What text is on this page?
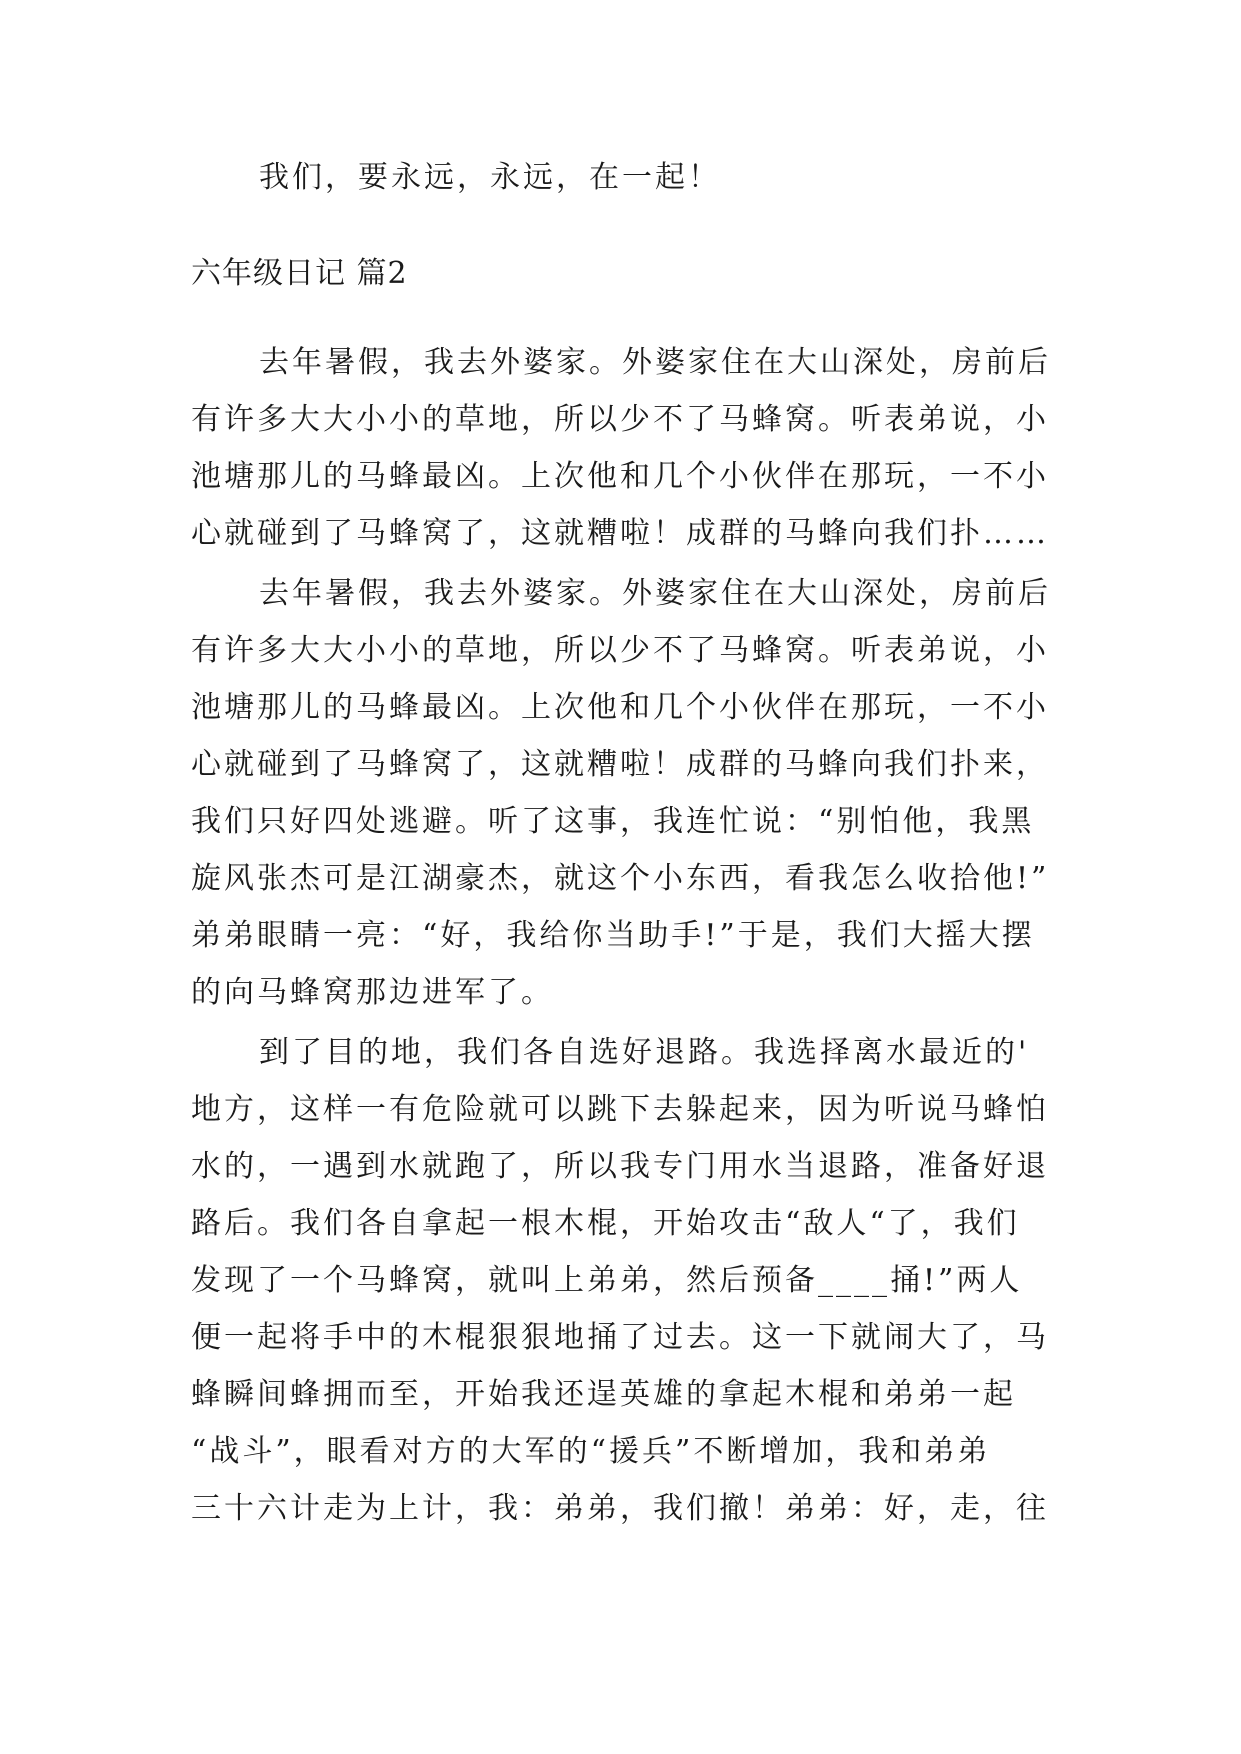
我们，要永远，永远，在一起！
六年级日记 篇2
去年暑假，我去外婆家。外婆家住在大山深处，房前后
有许多大大小小的草地，所以少不了马蜂窝。听表弟说，小
池塘那儿的马蜂最凶。上次他和几个小伙伴在那玩，一不小
心就碰到了马蜂窝了，这就糟啦！成群的马蜂向我们扑……
去年暑假，我去外婆家。外婆家住在大山深处，房前后
有许多大大小小的草地，所以少不了马蜂窝。听表弟说，小
池塘那儿的马蜂最凶。上次他和几个小伙伴在那玩，一不小
心就碰到了马蜂窝了，这就糟啦！成群的马蜂向我们扑来，
我们只好四处逃避。听了这事，我连忙说：“别怕他，我黑
旋风张杰可是江湖豪杰，就这个小东西，看我怎么收拾他!”
弟弟眼睛一亮：“好，我给你当助手!”于是，我们大摇大摆
的向马蜂窝那边进军了。
到了目的地，我们各自选好退路。我选择离水最近的'
地方，这样一有危险就可以跳下去躲起来，因为听说马蜂怕
水的，一遇到水就跑了，所以我专门用水当退路，准备好退
路后。我们各自拿起一根木棍，开始攻击“敌人“了，我们
发现了一个马蜂窝，就叫上弟弟，然后预备____捅!”两人
便一起将手中的木棍狠狠地捅了过去。这一下就闹大了，马
蜂瞬间蜂拥而至，开始我还逞英雄的拿起木棍和弟弟一起
“战斗”，眼看对方的大军的“援兵”不断增加，我和弟弟
三十六计走为上计，我：弟弟，我们撤！弟弟：好，走，往
